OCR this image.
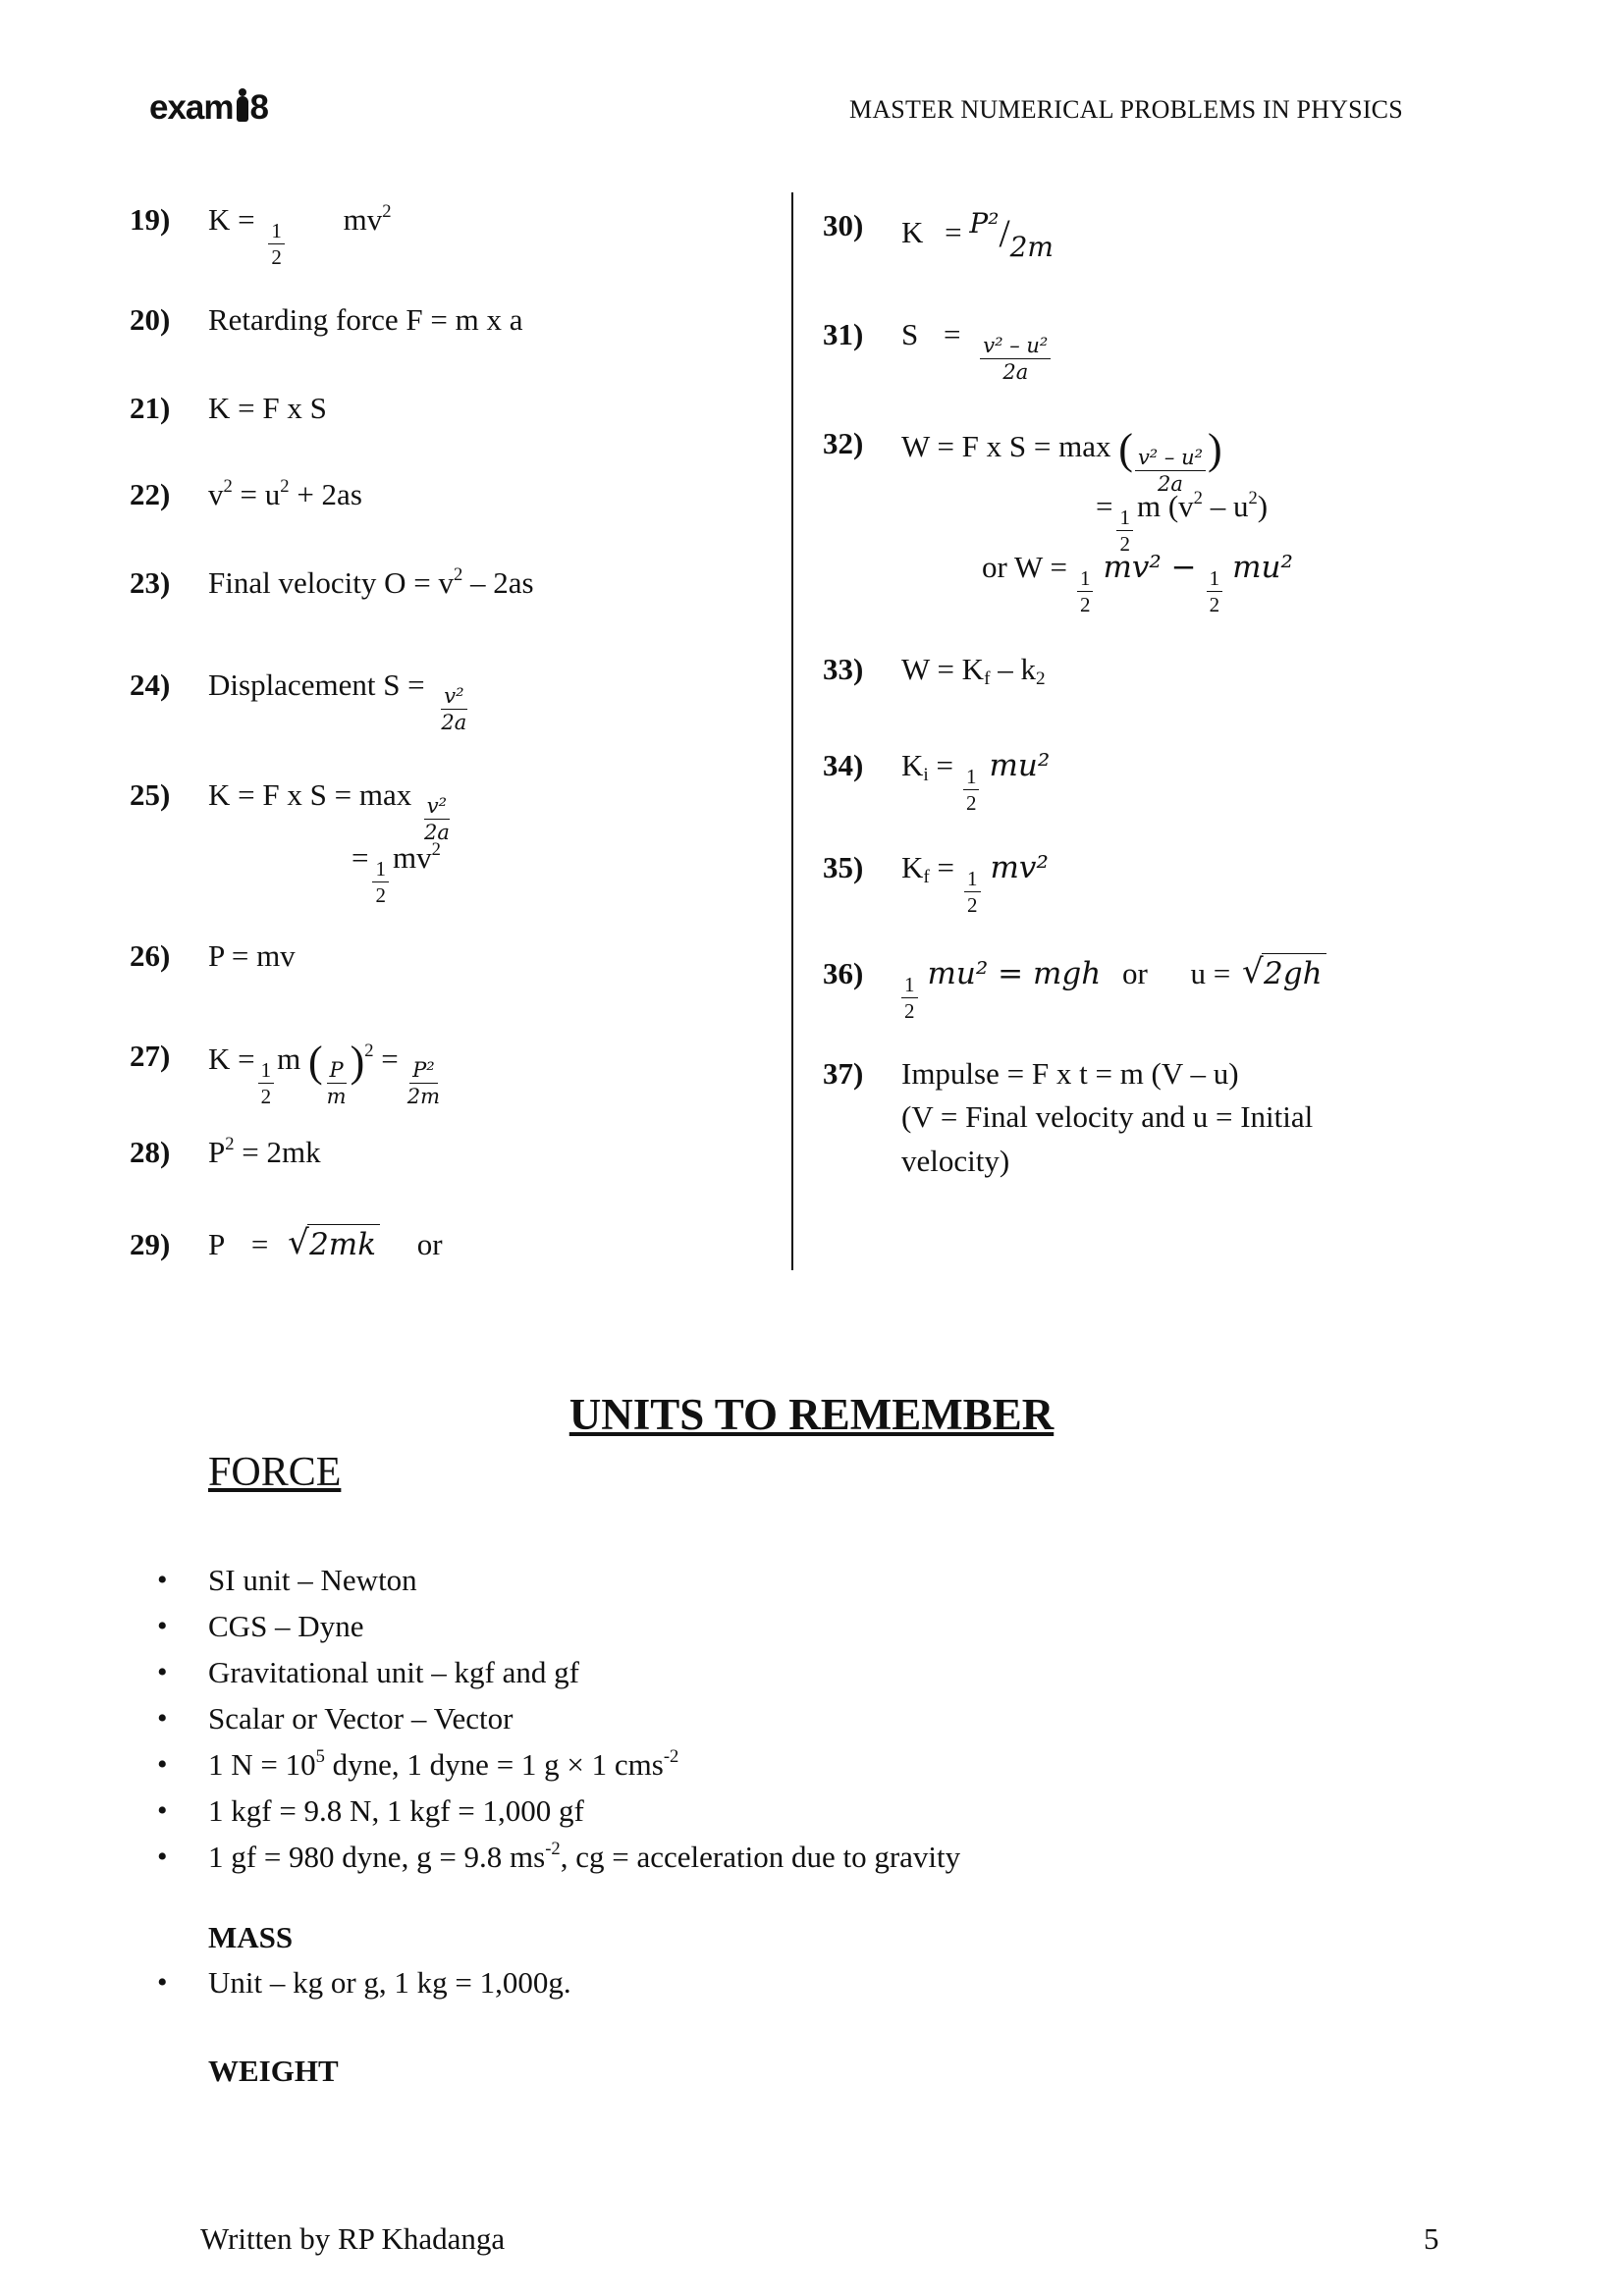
exam 8	MASTER NUMERICAL PROBLEMS IN PHYSICS
19) K =
$\frac{1}{2}$
$mv^2$
20) Retarding force F = m x a
21) K = F x S
22) $v^2 = u^2 + 2as$
23) Final velocity $O = v^2 - 2as$
24) Displacement S =
$\frac{\text{v²}}{2a}$
25) K = F x S = max
$\frac{\text{v²}}{2a}$
=
$\frac{1}{2}$
$mv^2$
26) P = mv
27) K =
$\frac{1}{2}$
m ( $\frac{P}{m} )^2$ =
$\frac{\text{P²}}{2m}$
28) $P^2 = 2mk$
29) P = √ 2mk or
30) K = P²/2m
31) S =
$\frac{\text{v² – u²}}{2a}$
32) W = F x S = max ( $\frac{\text{v² – u²}}{2a}$ )
=
$\frac{1}{2}$
m $(v^2 - u^2)$
or W =
$\frac{1}{2} mv^2 - \frac{1}{2} mu^2$
33) $W = K_f - k_2$
34) $K_i$ =
$\frac{1}{2} mu^2$
35) $K_f$ =
$\frac{1}{2} mv^2$
36)
$\frac{1}{2} mu^2$ = mgh or u = √ 2gh
37) Impulse = F x t = m (V – u)
(V = Final velocity and u = Initial
velocity)
UNITS TO REMEMBER
FORCE
• SI unit – Newton
• CGS – Dyne
• Gravitational unit – kgf and gf
• Scalar or Vector – Vector
• 1 $N = 10^5$ dyne, 1 dyne = 1 g × 1 cms$^{-2}$
• 1 kgf = 9.8 N, 1 kgf = 1,000 gf
• 1 gf = 980 dyne, g = 9.8 $ms^{-2}$, cg = acceleration due to gravity
MASS
• Unit – kg or g, 1 kg = 1,000g.
WEIGHT
Written by RP Khadanga	5
